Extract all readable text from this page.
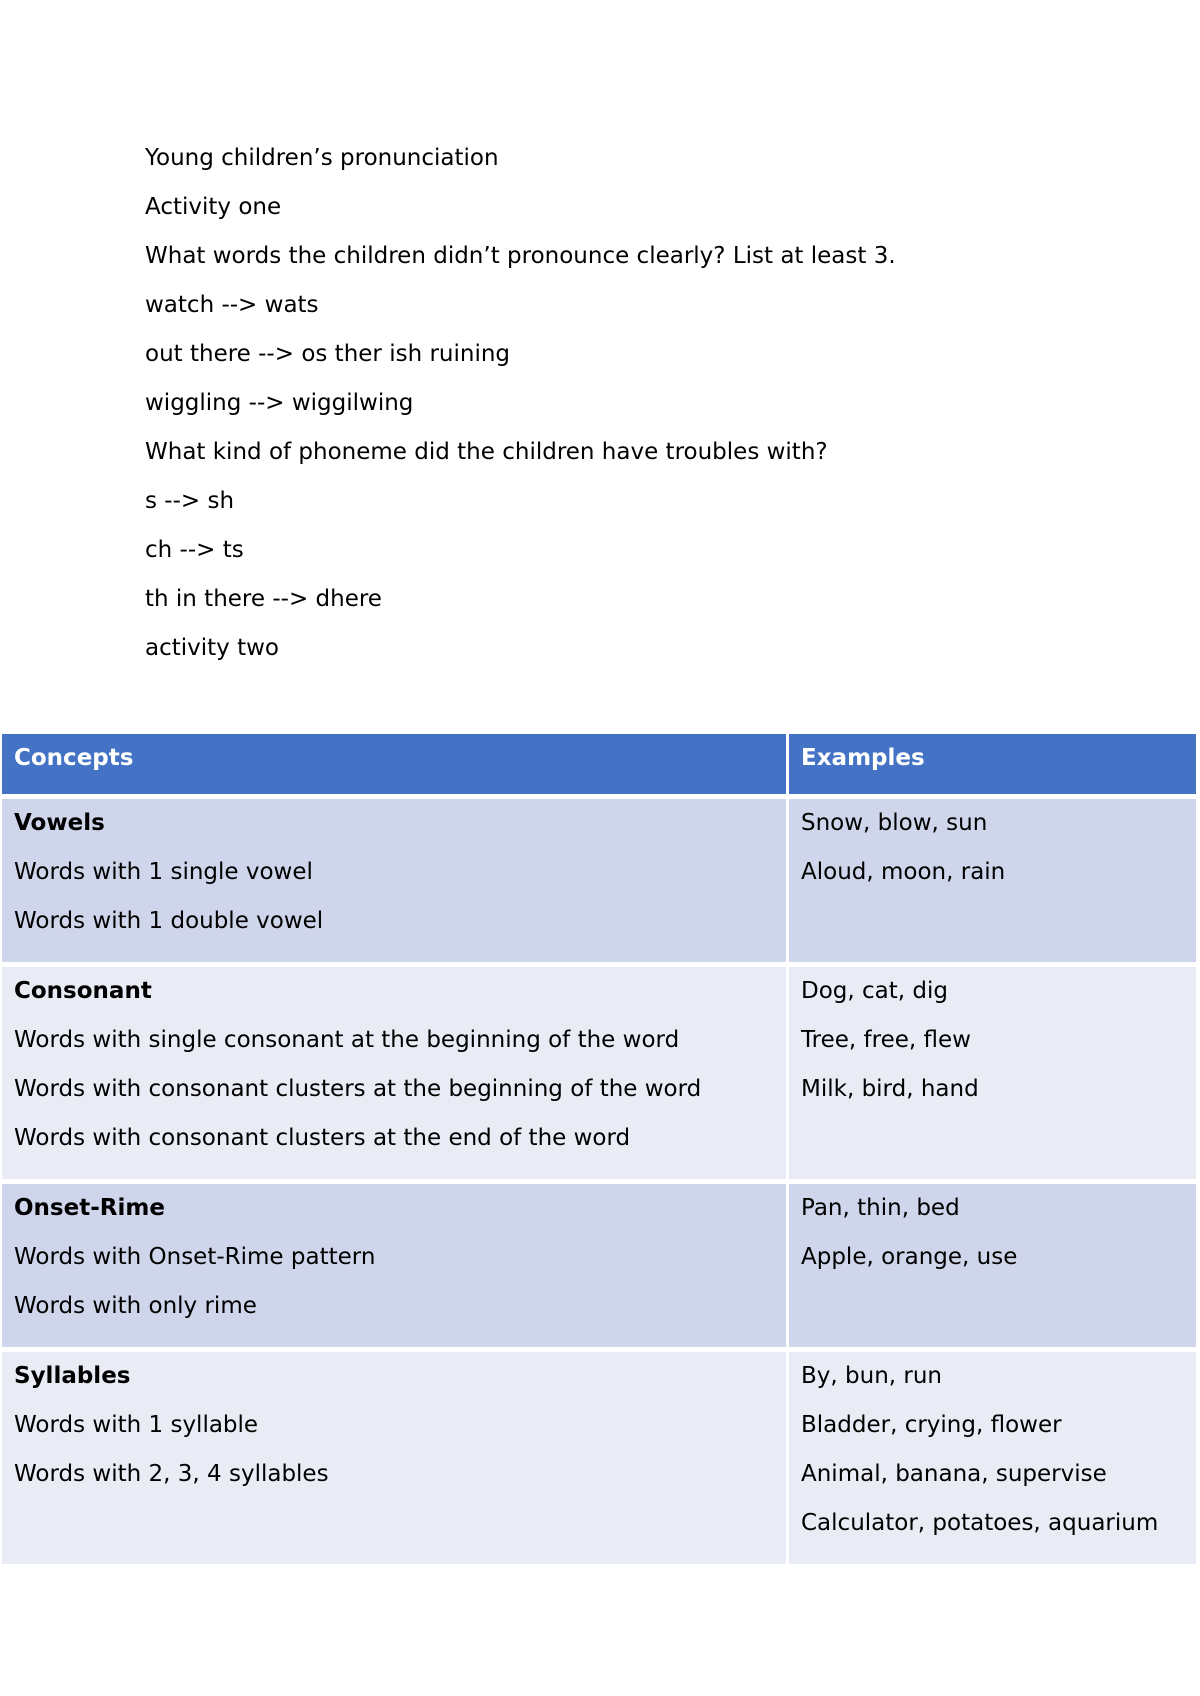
Young children’s pronunciation
Activity one
What words the children didn’t pronounce clearly? List at least 3.
watch --> wats
out there --> os ther ish ruining
wiggling --> wiggilwing
What kind of phoneme did the children have troubles with?
s --> sh
ch --> ts
th in there --> dhere
activity two
Concepts	Examples

Vowels
Words with 1 single vowel
Words with 1 double vowel	Snow, blow, sun
Aloud, moon, rain

Consonant
Words with single consonant at the beginning of the word
Words with consonant clusters at the beginning of the word
Words with consonant clusters at the end of the word	Dog, cat, dig
Tree, free, flew
Milk, bird, hand

Onset-Rime
Words with Onset-Rime pattern
Words with only rime	Pan, thin, bed
Apple, orange, use

Syllables
Words with 1 syllable
Words with 2, 3, 4 syllables	By, bun, run
Bladder, crying, flower
Animal, banana, supervise
Calculator, potatoes, aquarium
